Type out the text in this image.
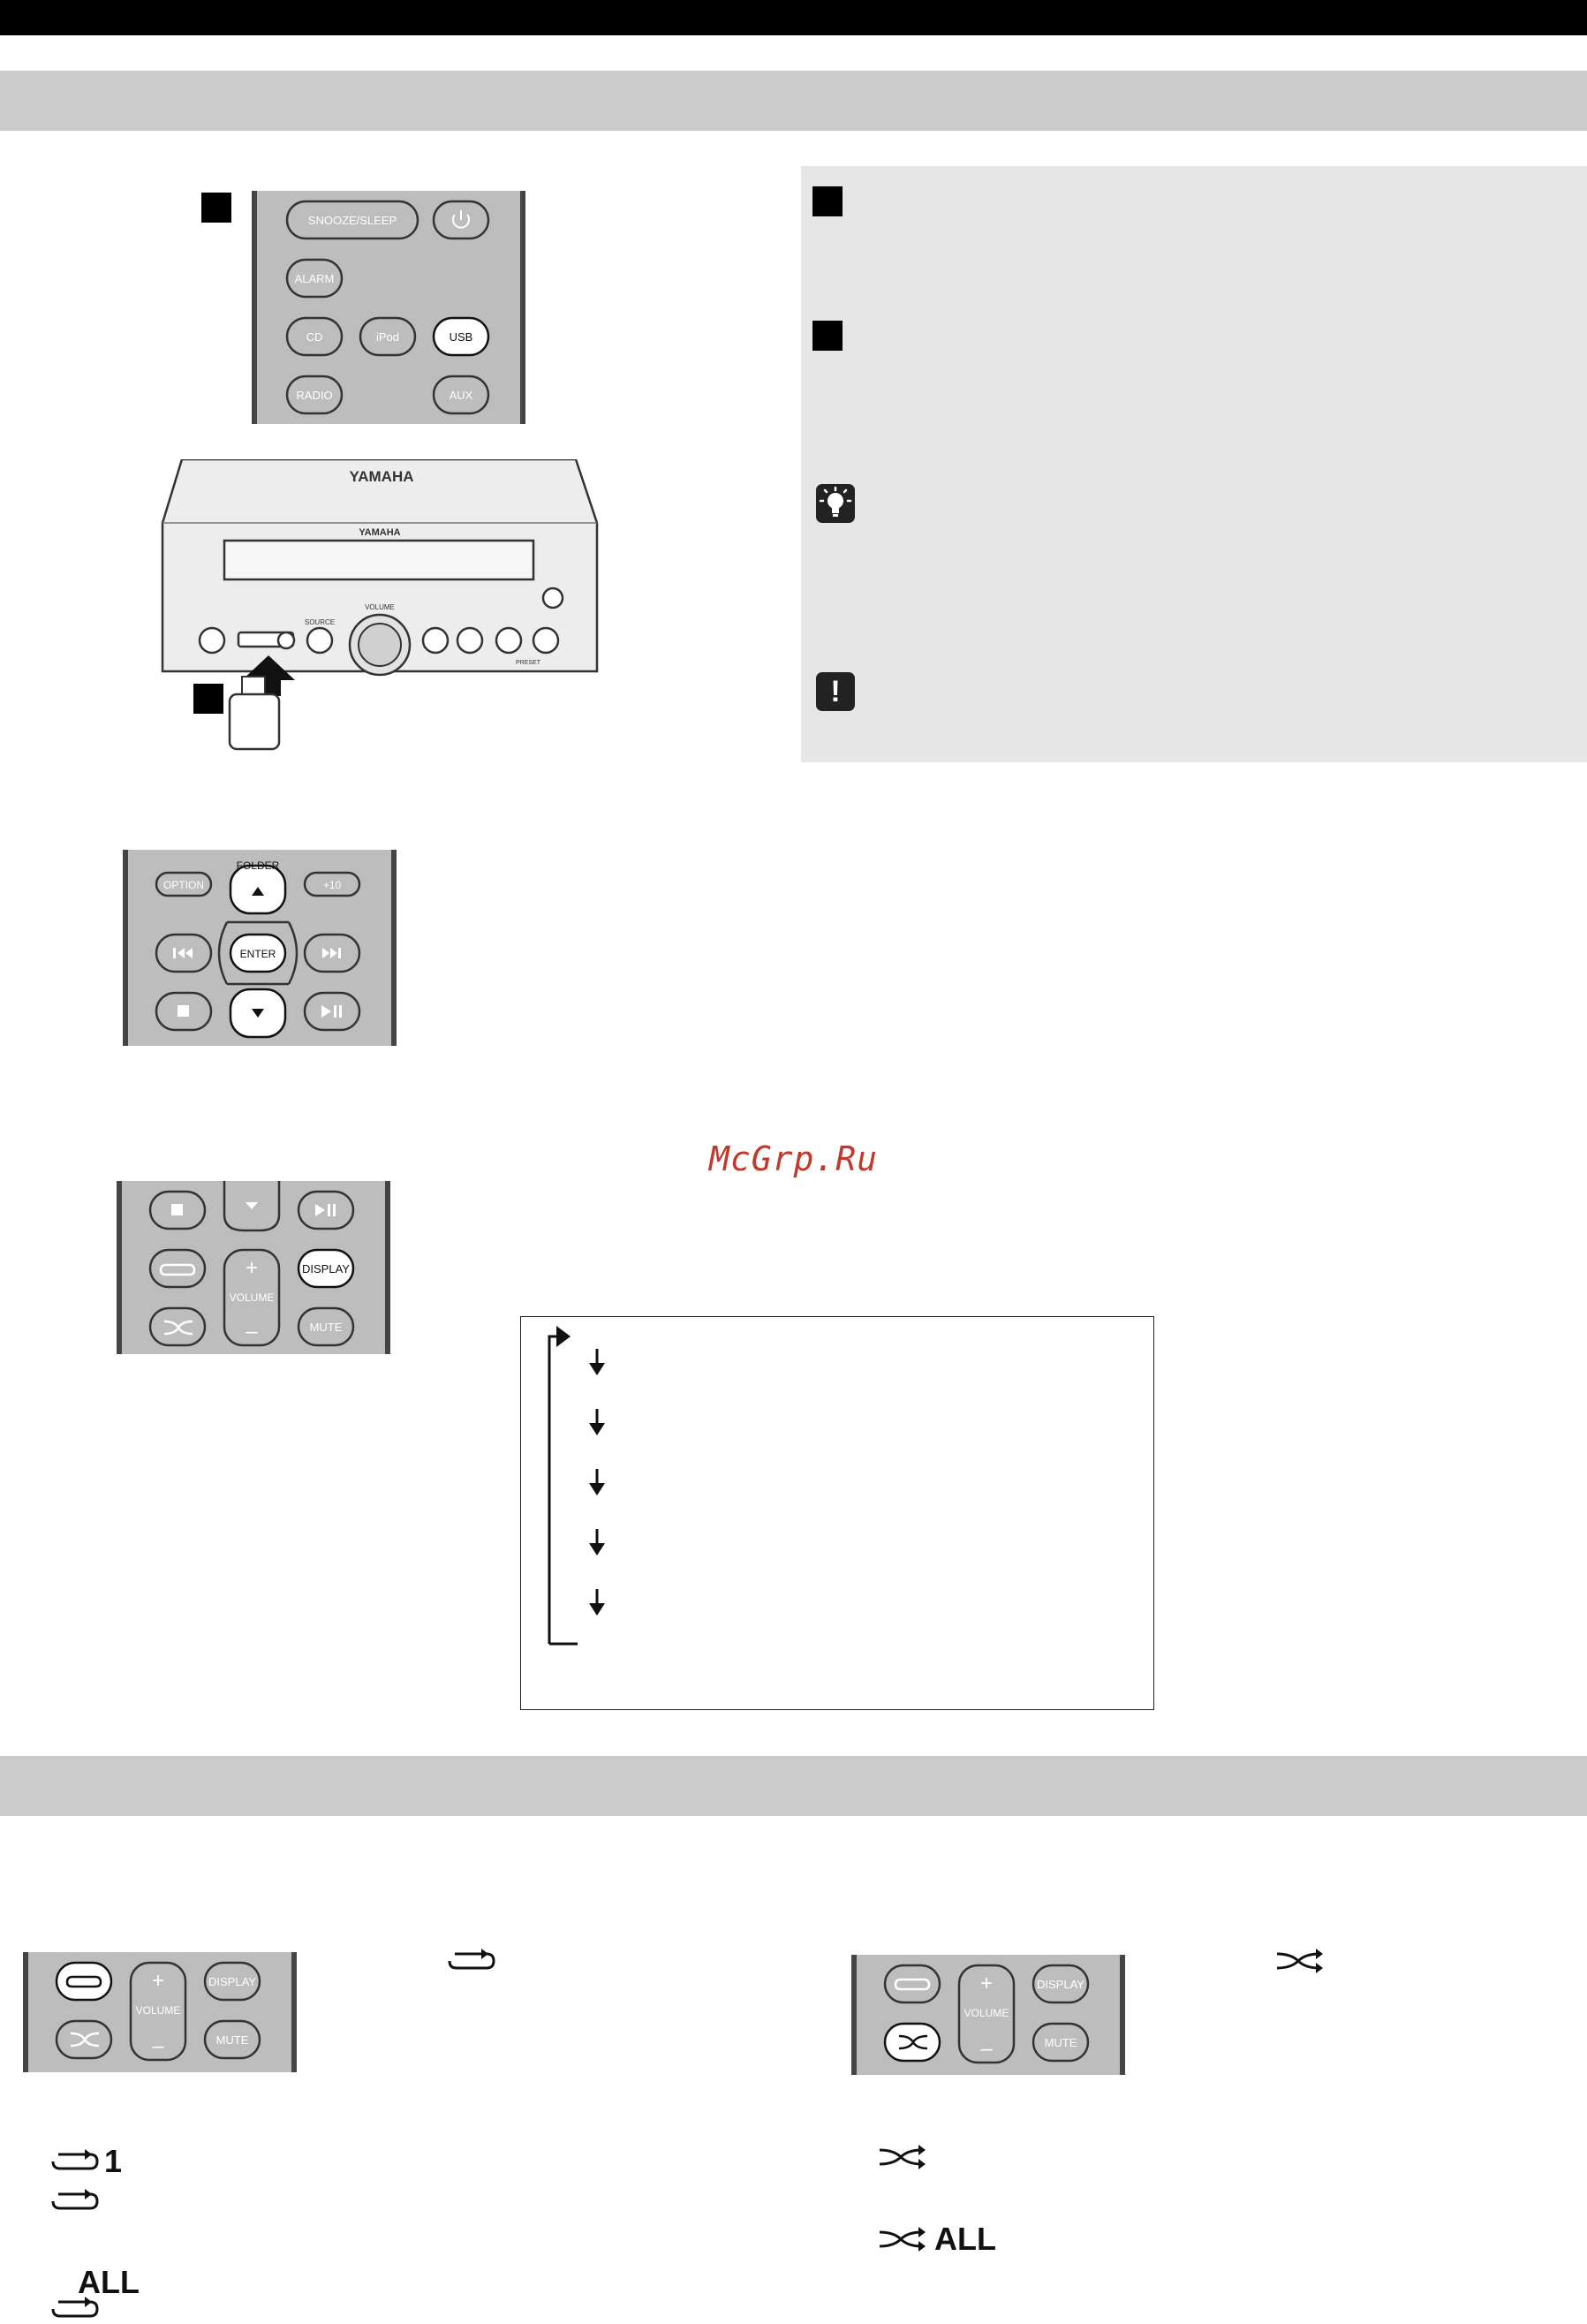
!
SNOOZE/SLEEP
ALARM
CD	iPod
RADIO	AUX
USB
YAMAHA
YAMAHA
SOURCE
VOLUME
PRESET
FOLDER
OPTION	+10
ENTER
McGrp.Ru
+
VOLUME
–
DISPLAY
MUTE
+
VOLUME
–
DISPLAY
MUTE
+
VOLUME
–
DISPLAY
MUTE
1
ALL
ALL
